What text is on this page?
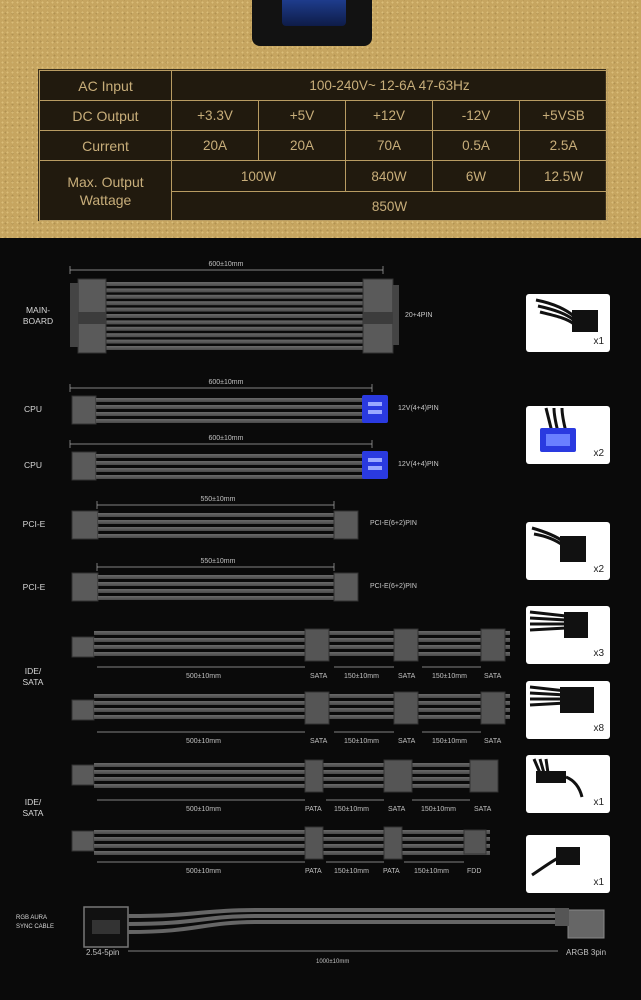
AC Input	100-240V~ 12-6A 47-63Hz				
DC Output	+3.3V	+5V	+12V	-12V	+5VSB
Current	20A	20A	70A	0.5A	2.5A
Max. Output Wattage	100W		840W	6W	12.5W
	850W				
MAIN-
BOARD
600±10mm
20+4PIN
CPU
600±10mm
12V(4+4)PIN
CPU
600±10mm
12V(4+4)PIN
PCI-E
550±10mm
PCI-E(6+2)PIN
PCI-E
550±10mm
PCI-E(6+2)PIN
IDE/
SATA
500±10mm	SATA 150±10mm	SATA 150±10mm SATA
500±10mm	SATA 150±10mm	SATA 150±10mm SATA
IDE/
SATA	500±10mm	PATA 150±10mm	SATA 150±10mm	SATA
500±10mm	PATA 150±10mm PATA 150±10mm	FDD
RGB AURA
SYNC CABLE
2.54-5pin
1000±10mm
ARGB 3pin
x1
x2
x2
x3
x8
x1
x1
